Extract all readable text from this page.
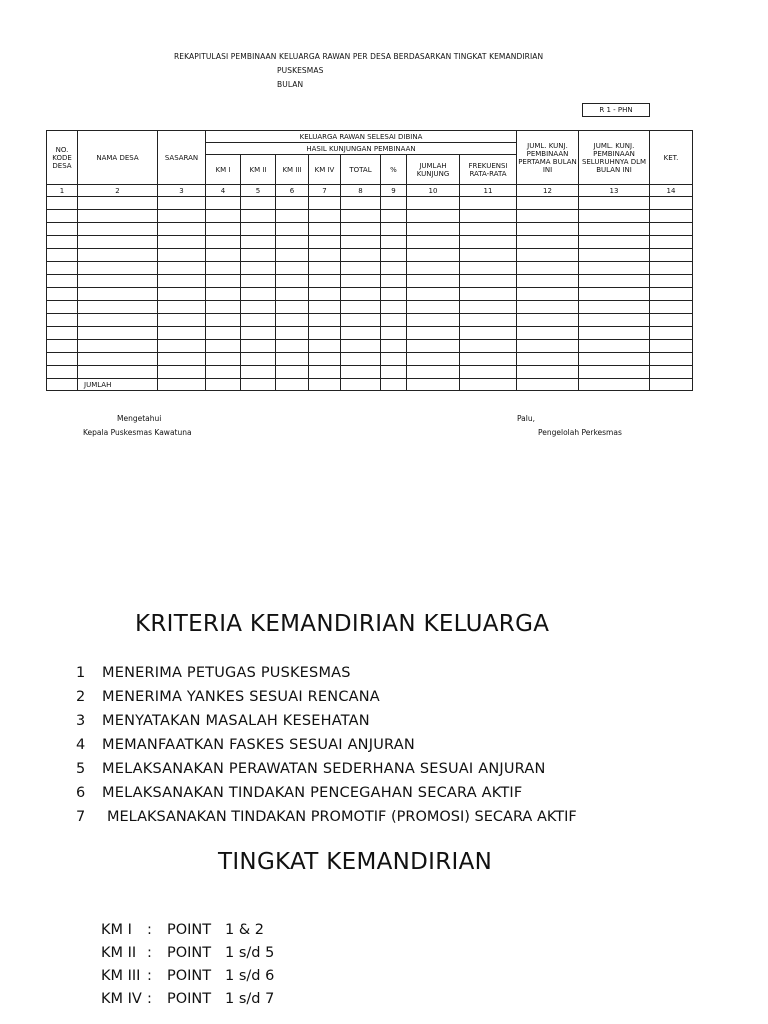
REKAPITULASI PEMBINAAN KELUARGA RAWAN PER DESA BERDASARKAN TINGKAT KEMANDIRIAN
PUSKESMAS
BULAN
R 1 - PHN
NO. KODE DESA	NAMA DESA	SASARAN	KELUARGA RAWAN SELESAI DIBINA								JUML. KUNJ. PEMBINAAN PERTAMA BULAN INI	JUML. KUNJ. PEMBINAAN SELURUHNYA DLM BULAN INI	KET.
			HASIL KUNJUNGAN PEMBINAAN										
			KM I	KM II	KM III	KM IV	TOTAL	%	JUMLAH KUNJUNG	FREKUENSI RATA-RATA			
1	2	3	4	5	6	7	8	9	10	11	12	13	14

	JUMLAH												
Mengetahui
Kepala Puskesmas Kawatuna
Palu,
Pengelolah Perkesmas
KRITERIA KEMANDIRIAN KELUARGA
1 MENERIMA PETUGAS PUSKESMAS
2 MENERIMA YANKES SESUAI RENCANA
3 MENYATAKAN MASALAH KESEHATAN
4 MEMANFAATKAN FASKES SESUAI ANJURAN
5 MELAKSANAKAN PERAWATAN SEDERHANA SESUAI ANJURAN
6 MELAKSANAKAN TINDAKAN PENCEGAHAN SECARA AKTIF
7 MELAKSANAKAN TINDAKAN PROMOTIF (PROMOSI) SECARA AKTIF
TINGKAT KEMANDIRIAN
KM I : POINT 1 & 2
KM II : POINT 1 s/d 5
KM III : POINT 1 s/d 6
KM IV : POINT 1 s/d 7
